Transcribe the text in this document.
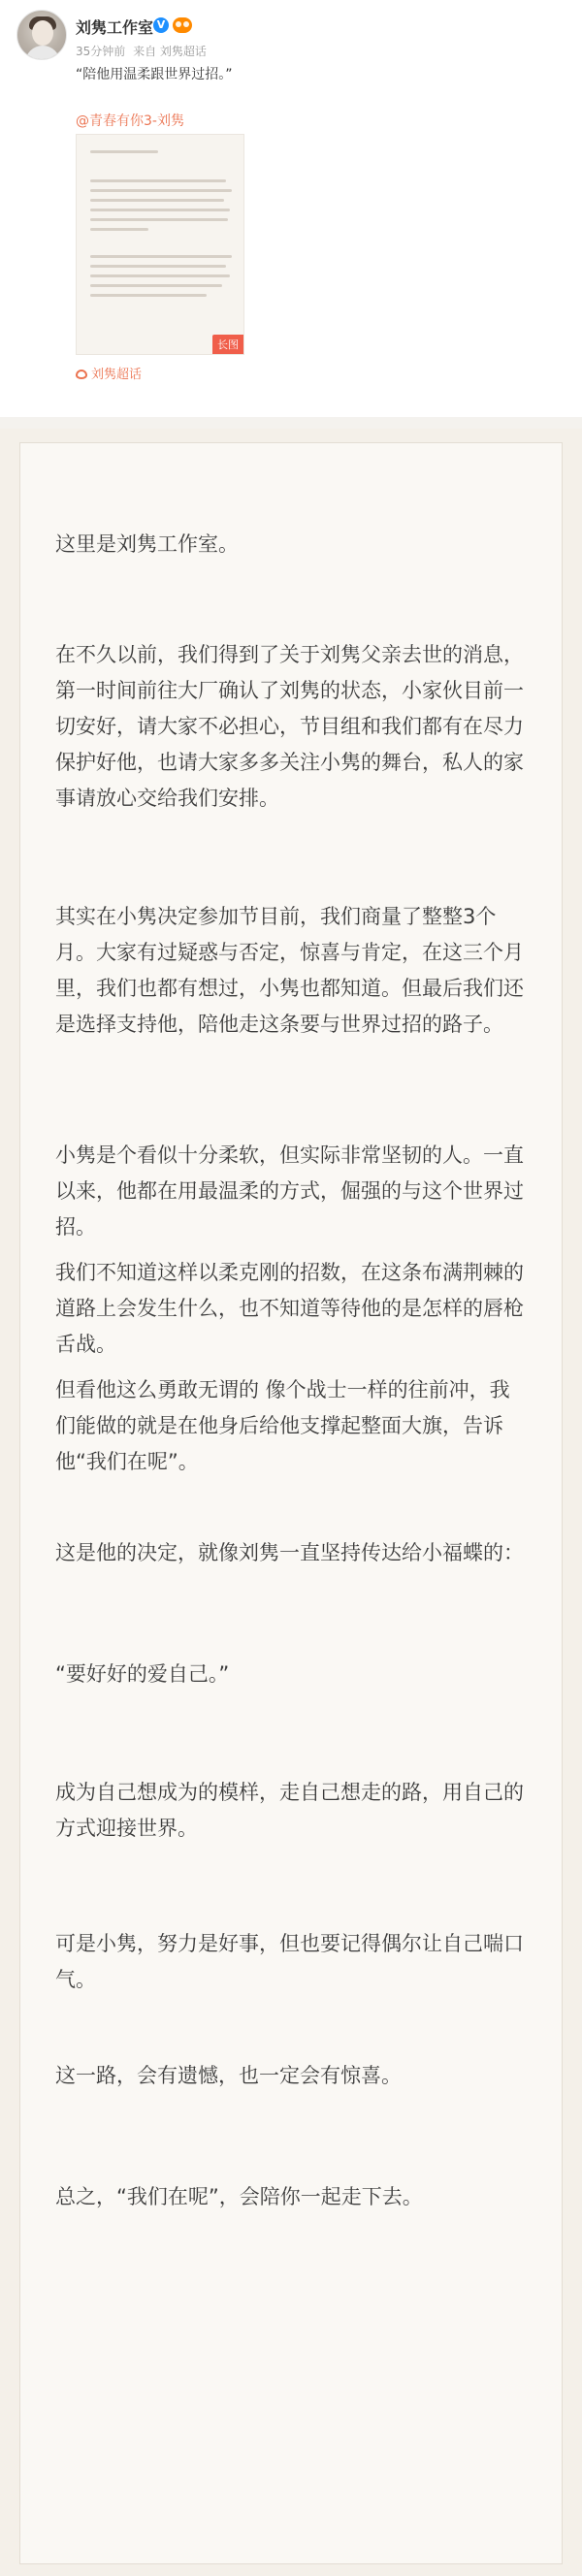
刘隽工作室 V
35分钟前 来自 刘隽超话
“陪他用温柔跟世界过招。”
@青春有你3-刘隽
长图
刘隽超话

这里是刘隽工作室。

在不久以前，我们得到了关于刘隽父亲去世的消息，第一时间前往大厂确认了刘隽的状态，小家伙目前一切安好，请大家不必担心，节目组和我们都有在尽力保护好他，也请大家多多关注小隽的舞台，私人的家事请放心交给我们安排。

其实在小隽决定参加节目前，我们商量了整整3个月。大家有过疑惑与否定，惊喜与肯定，在这三个月里，我们也都有想过，小隽也都知道。但最后我们还是选择支持他，陪他走这条要与世界过招的路子。

小隽是个看似十分柔软，但实际非常坚韧的人。一直以来，他都在用最温柔的方式，倔强的与这个世界过招。

我们不知道这样以柔克刚的招数，在这条布满荆棘的道路上会发生什么，也不知道等待他的是怎样的唇枪舌战。

但看他这么勇敢无谓的 像个战士一样的往前冲，我们能做的就是在他身后给他支撑起整面大旗，告诉他“我们在呢”。

这是他的决定，就像刘隽一直坚持传达给小福蝶的：

“要好好的爱自己。”

成为自己想成为的模样，走自己想走的路，用自己的方式迎接世界。

可是小隽，努力是好事，但也要记得偶尔让自己喘口气。

这一路，会有遗憾，也一定会有惊喜。

总之，“我们在呢”，会陪你一起走下去。
